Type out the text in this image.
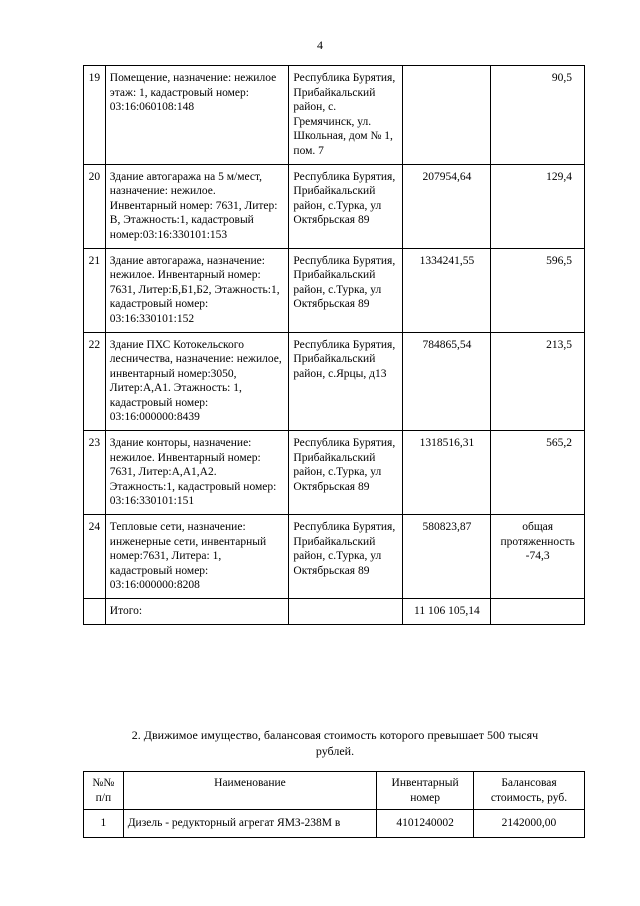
4
19	Помещение, назначение: нежилое этаж: 1, кадастровый номер: 03:16:060108:148	Республика Бурятия, Прибайкальский район, с. Гремячинск, ул. Школьная, дом № 1, пом. 7		90,5
20	Здание автогаража на 5 м/мест, назначение: нежилое. Инвентарный номер: 7631, Литер: В, Этажность:1, кадастровый номер:03:16:330101:153	Республика Бурятия, Прибайкальский район, с.Турка, ул Октябрьская 89	207954,64	129,4
21	Здание автогаража, назначение: нежилое. Инвентарный номер: 7631, Литер:Б,Б1,Б2, Этажность:1, кадастровый номер: 03:16:330101:152	Республика Бурятия, Прибайкальский район, с.Турка, ул Октябрьская 89	1334241,55	596,5
22	Здание ПХС Котокельского лесничества, назначение: нежилое, инвентарный номер:3050, Литер:А,А1. Этажность: 1, кадастровый номер: 03:16:000000:8439	Республика Бурятия, Прибайкальский район, с.Ярцы, д13	784865,54	213,5
23	Здание конторы, назначение: нежилое. Инвентарный номер: 7631, Литер:А,А1,А2. Этажность:1, кадастровый номер: 03:16:330101:151	Республика Бурятия, Прибайкальский район, с.Турка, ул Октябрьская 89	1318516,31	565,2
24	Тепловые сети, назначение: инженерные сети, инвентарный номер:7631, Литера: 1, кадастровый номер: 03:16:000000:8208	Республика Бурятия, Прибайкальский район, с.Турка, ул Октябрьская 89	580823,87	общая протяженность -74,3
	Итого:		11 106 105,14	
2. Движимое имущество, балансовая стоимость которого превышает 500 тысяч рублей.
№№ п/п	Наименование	Инвентарный номер	Балансовая стоимость, руб.
1	Дизель - редукторный агрегат ЯМЗ-238М в	4101240002	2142000,00
